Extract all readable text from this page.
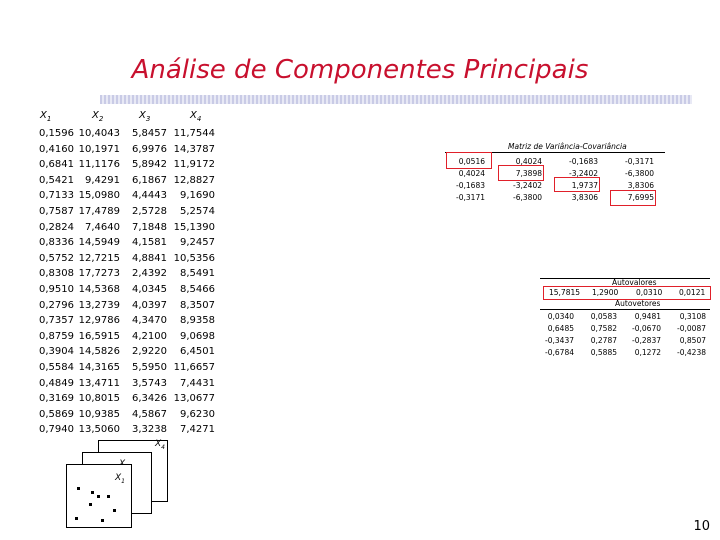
Análise de Componentes Principais
$X_1$	$X_2$	$X_3$	$X_4$
0,1596 10,4043	5,8457 11,7544
0,4160 10,1971	6,9976 14,3787
0,6841 11,1176	5,8942 11,9172
0,5421	9,4291	6,1867 12,8827
0,7133 15,0980	4,4443	9,1690
0,7587 17,4789	2,5728	5,2574
0,2824	7,4640	7,1848 15,1390
0,8336 14,5949	4,1581	9,2457
0,5752 12,7215	4,8841 10,5356
0,8308 17,7273	2,4392	8,5491
0,9510 14,5368	4,0345	8,5466
0,2796 13,2739	4,0397	8,3507
0,7357 12,9786	4,3470	8,9358
0,8759 16,5915	4,2100	9,0698
0,3904 14,5826	2,9220	6,4501
0,5584 14,3165	5,5950 11,6657
0,4849 13,4711	3,5743	7,4431
0,3169 10,8015	6,3426 13,0677
0,5869 10,9385	4,5867	9,6230
0,7940 13,5060	3,3238	7,4271
Matriz de Variância-Covariância
0,0516	0,4024	-0,1683	-0,3171
0,4024	7,3898	-3,2402	-6,3800
-0,1683	-3,2402	1,9737	3,8306
-0,3171	-6,3800	3,8306	7,6995
Autovalores
15,7815 1,2900 0,0310 0,0121
Autovetores
0,0340	0,0583	0,9481	0,3108
0,6485	0,7582	-0,0670	-0,0087
-0,3437	0,2787	-0,2837	0,8507
-0,6784	0,5885	0,1272	-0,4238
$X_4$
$X_1$
10
